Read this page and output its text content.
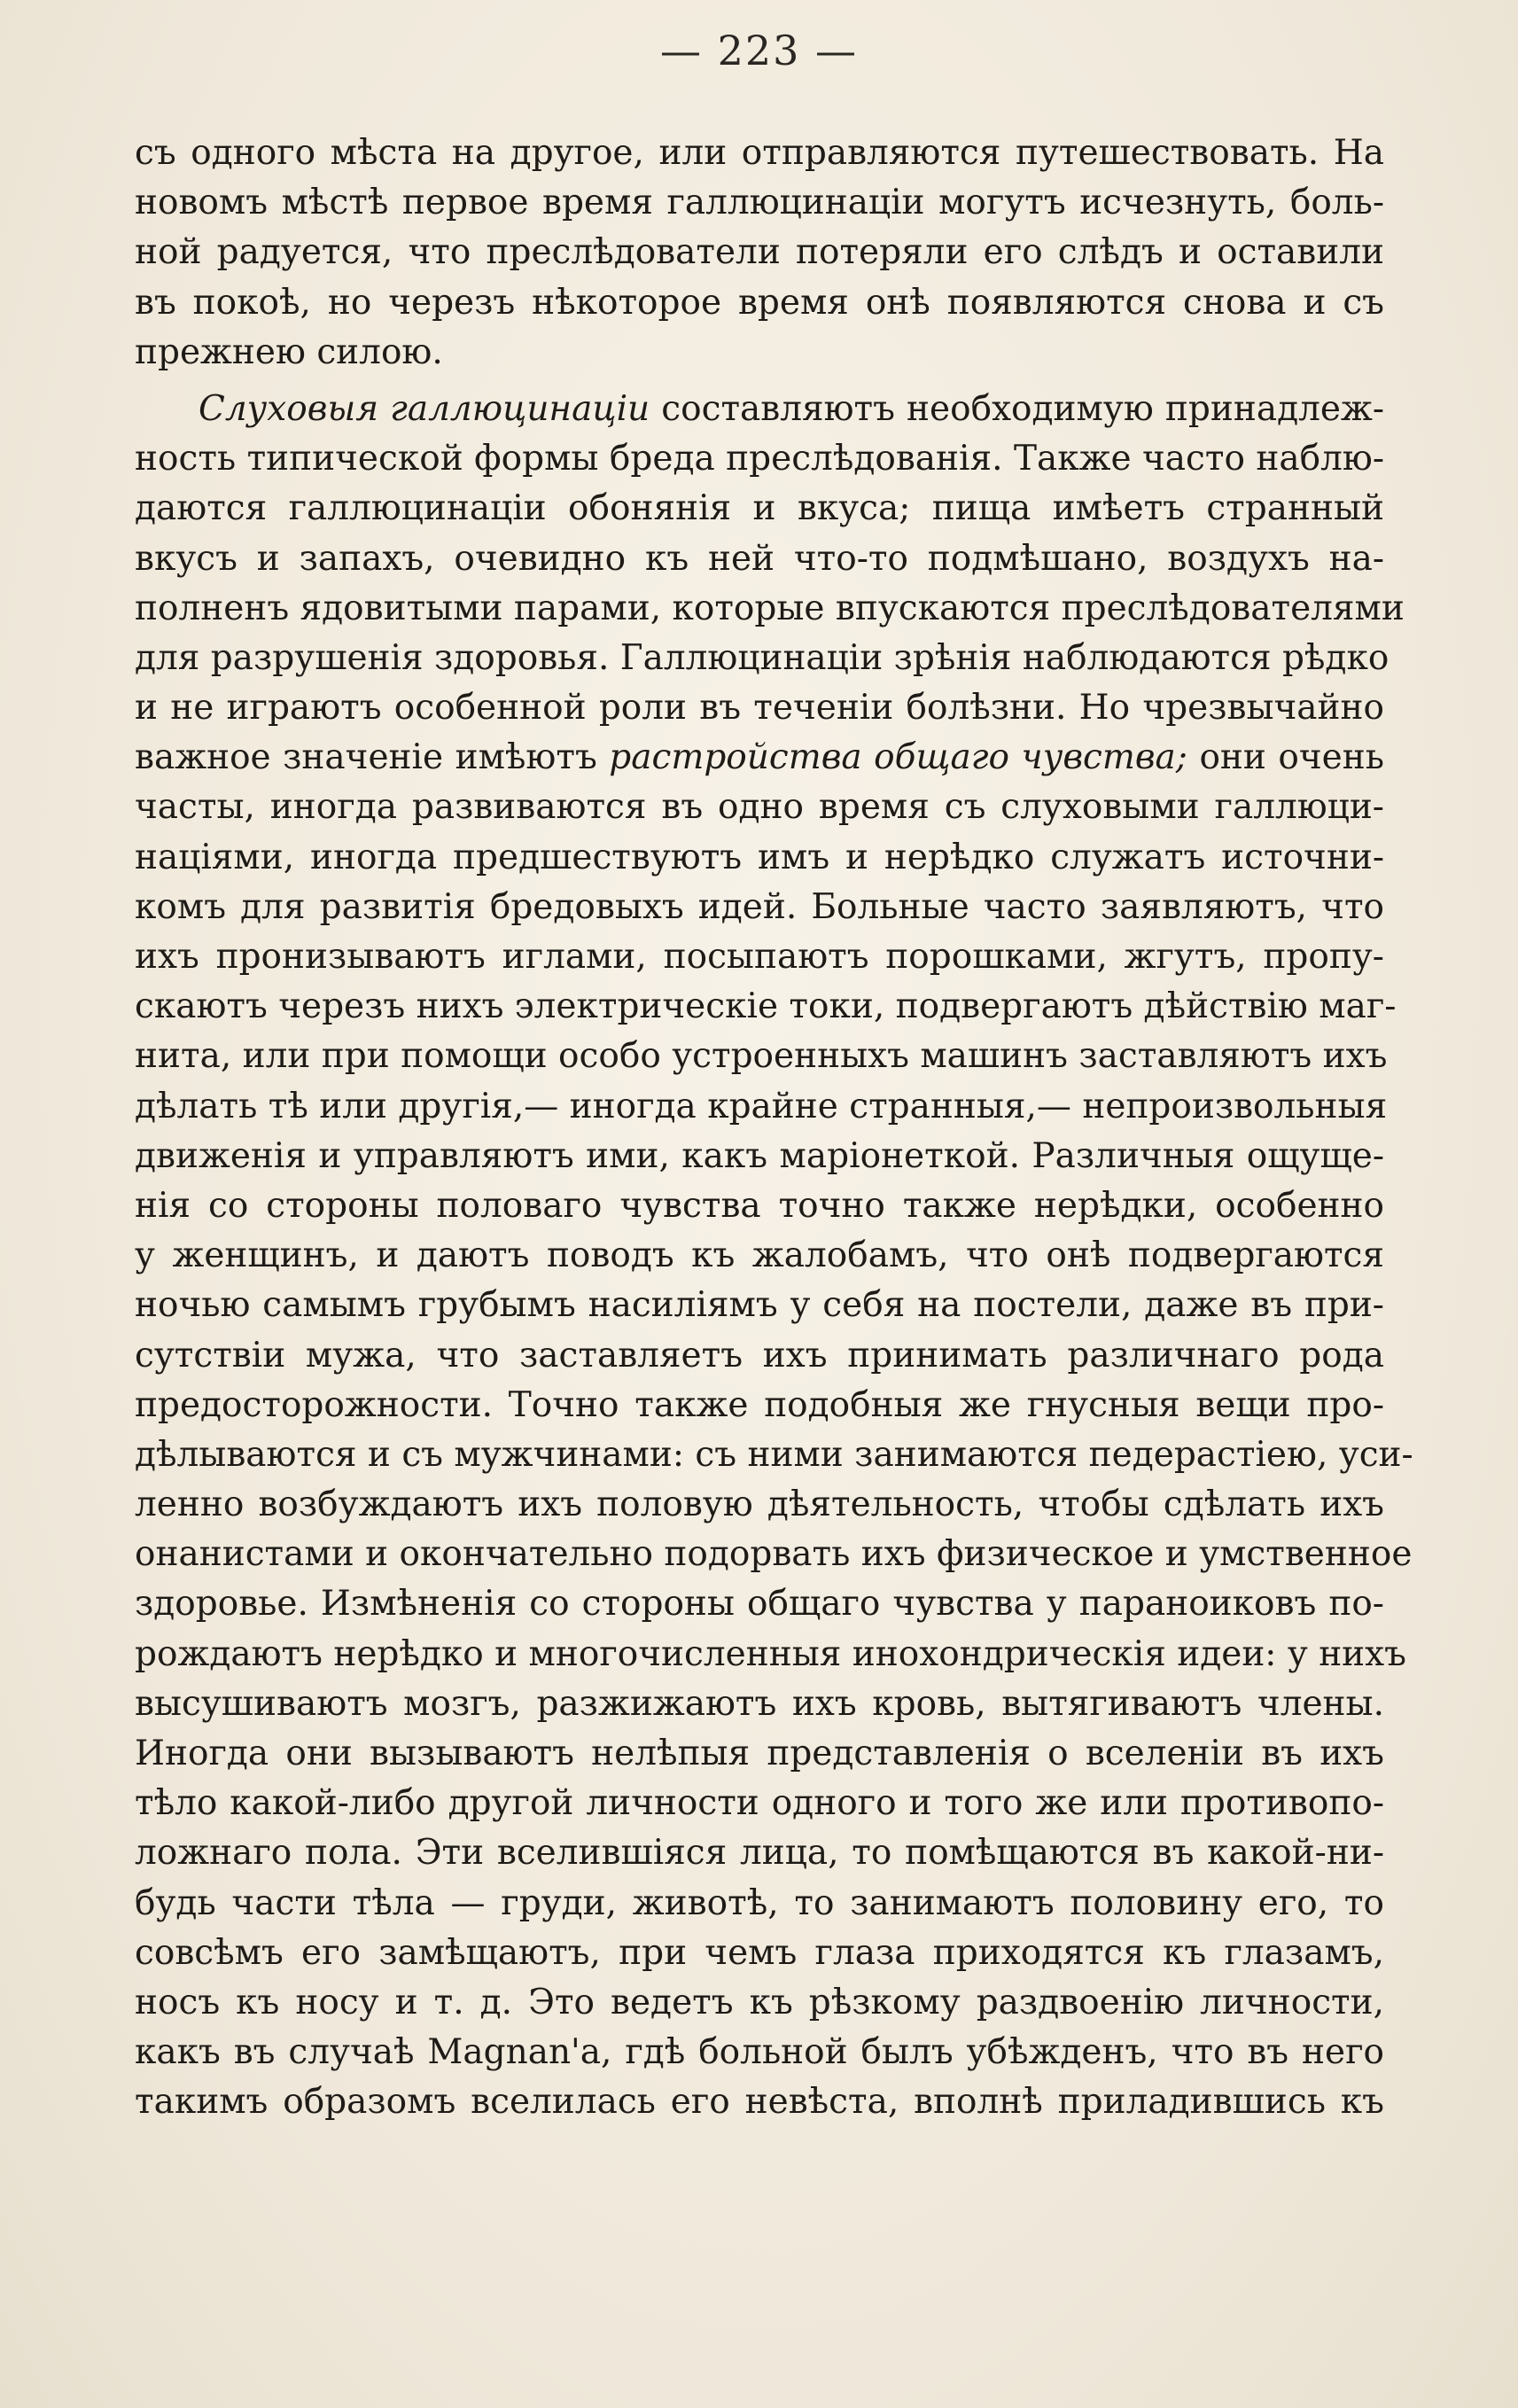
— 223 —
съ одного мѣста на другое, или отправляются путешествовать. На
новомъ мѣстѣ первое время галлюцинаціи могутъ исчезнуть, боль-
ной радуется, что преслѣдователи потеряли его слѣдъ и оставили
въ покоѣ, но черезъ нѣкоторое время онѣ появляются снова и съ
прежнею силою.
Слуховыя галлюцинаціи составляютъ необходимую принадлеж-
ность типической формы бреда преслѣдованія. Также часто наблю-
даются галлюцинаціи обонянія и вкуса; пища имѣетъ странный
вкусъ и запахъ, очевидно къ ней что-то подмѣшано, воздухъ на-
полненъ ядовитыми парами, которые впускаются преслѣдователями
для разрушенія здоровья. Галлюцинаціи зрѣнія наблюдаются рѣдко
и не играютъ особенной роли въ теченіи болѣзни. Но чрезвычайно
важное значеніе имѣютъ растройства общаго чувства; они очень
часты, иногда развиваются въ одно время съ слуховыми галлюци-
націями, иногда предшествуютъ имъ и нерѣдко служатъ источни-
комъ для развитія бредовыхъ идей. Больные часто заявляютъ, что
ихъ пронизываютъ иглами, посыпаютъ порошками, жгутъ, пропу-
скаютъ черезъ нихъ электрическіе токи, подвергаютъ дѣйствію маг-
нита, или при помощи особо устроенныхъ машинъ заставляютъ ихъ
дѣлать тѣ или другія,— иногда крайне странныя,— непроизвольныя
движенія и управляютъ ими, какъ маріонеткой. Различныя ощуще-
нія со стороны половаго чувства точно также нерѣдки, особенно
у женщинъ, и даютъ поводъ къ жалобамъ, что онѣ подвергаются
ночью самымъ грубымъ насиліямъ у себя на постели, даже въ при-
сутствіи мужа, что заставляетъ ихъ принимать различнаго рода
предосторожности. Точно также подобныя же гнусныя вещи про-
дѣлываются и съ мужчинами: съ ними занимаются педерастіею, уси-
ленно возбуждаютъ ихъ половую дѣятельность, чтобы сдѣлать ихъ
онанистами и окончательно подорвать ихъ физическое и умственное
здоровье. Измѣненія со стороны общаго чувства у параноиковъ по-
рождаютъ нерѣдко и многочисленныя инохондрическія идеи: у нихъ
высушиваютъ мозгъ, разжижаютъ ихъ кровь, вытягиваютъ члены.
Иногда они вызываютъ нелѣпыя представленія о вселеніи въ ихъ
тѣло какой-либо другой личности одного и того же или противопо-
ложнаго пола. Эти вселившіяся лица, то помѣщаются въ какой-ни-
будь части тѣла — груди, животѣ, то занимаютъ половину его, то
совсѣмъ его замѣщаютъ, при чемъ глаза приходятся къ глазамъ,
носъ къ носу и т. д. Это ведетъ къ рѣзкому раздвоенію личности,
какъ въ случаѣ Magnan'a, гдѣ больной былъ убѣжденъ, что въ него
такимъ образомъ вселилась его невѣста, вполнѣ приладившись къ
